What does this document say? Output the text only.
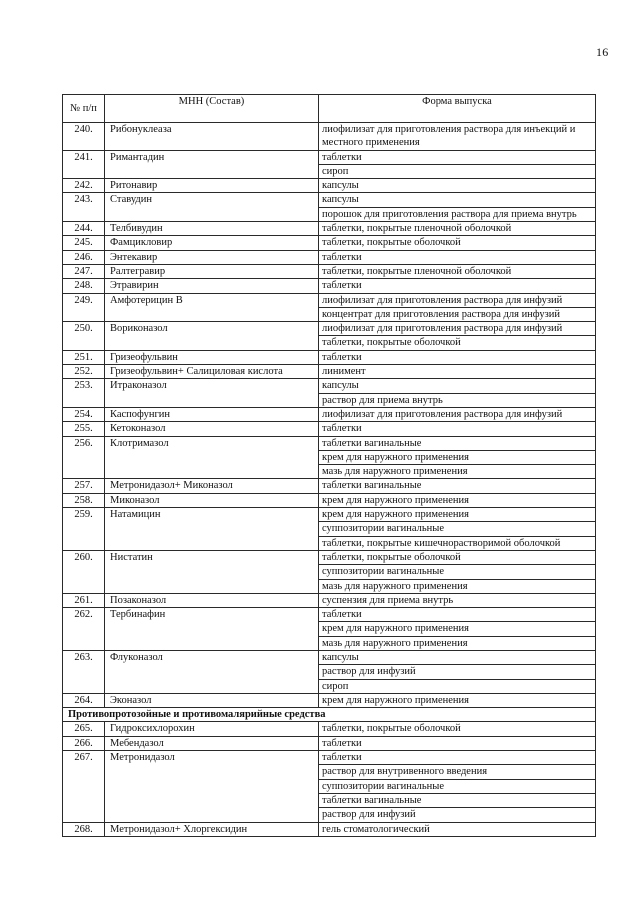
16
№ п/п	МНН (Состав)	Форма выпуска
240.	Рибонуклеаза	лиофилизат для приготовления раствора для инъекций и местного применения
241.	Римантадин	таблетки
		сироп
242.	Ритонавир	капсулы
243.	Ставудин	капсулы
		порошок для приготовления раствора для приема внутрь
244.	Телбивудин	таблетки, покрытые пленочной оболочкой
245.	Фамцикловир	таблетки, покрытые оболочкой
246.	Энтекавир	таблетки
247.	Ралтегравир	таблетки, покрытые пленочной оболочкой
248.	Этравирин	таблетки
249.	Амфотерицин В	лиофилизат для приготовления раствора для инфузий
		концентрат для приготовления раствора для инфузий
250.	Вориконазол	лиофилизат для приготовления раствора для инфузий
		таблетки, покрытые оболочкой
251.	Гризеофульвин	таблетки
252.	Гризеофульвин+ Салициловая кислота	линимент
253.	Итраконазол	капсулы
		раствор для приема внутрь
254.	Каспофунгин	лиофилизат для приготовления раствора для инфузий
255.	Кетоконазол	таблетки
256.	Клотримазол	таблетки вагинальные
		крем для наружного применения
		мазь для наружного применения
257.	Метронидазол+ Миконазол	таблетки вагинальные
258.	Миконазол	крем для наружного применения
259.	Натамицин	крем для наружного применения
		суппозитории вагинальные
		таблетки, покрытые кишечнорастворимой оболочкой
260.	Нистатин	таблетки, покрытые оболочкой
		суппозитории вагинальные
		мазь для наружного применения
261.	Позаконазол	суспензия для приема внутрь
262.	Тербинафин	таблетки
		крем для наружного применения
		мазь для наружного применения
263.	Флуконазол	капсулы
		раствор для инфузий
		сироп
264.	Эконазол	крем для наружного применения
Противопротозойные и противомалярийные средства		
265.	Гидроксихлорохин	таблетки, покрытые оболочкой
266.	Мебендазол	таблетки
267.	Метронидазол	таблетки
		раствор для внутривенного введения
		суппозитории вагинальные
		таблетки вагинальные
		раствор для инфузий
268.	Метронидазол+ Хлоргексидин	гель стоматологический
